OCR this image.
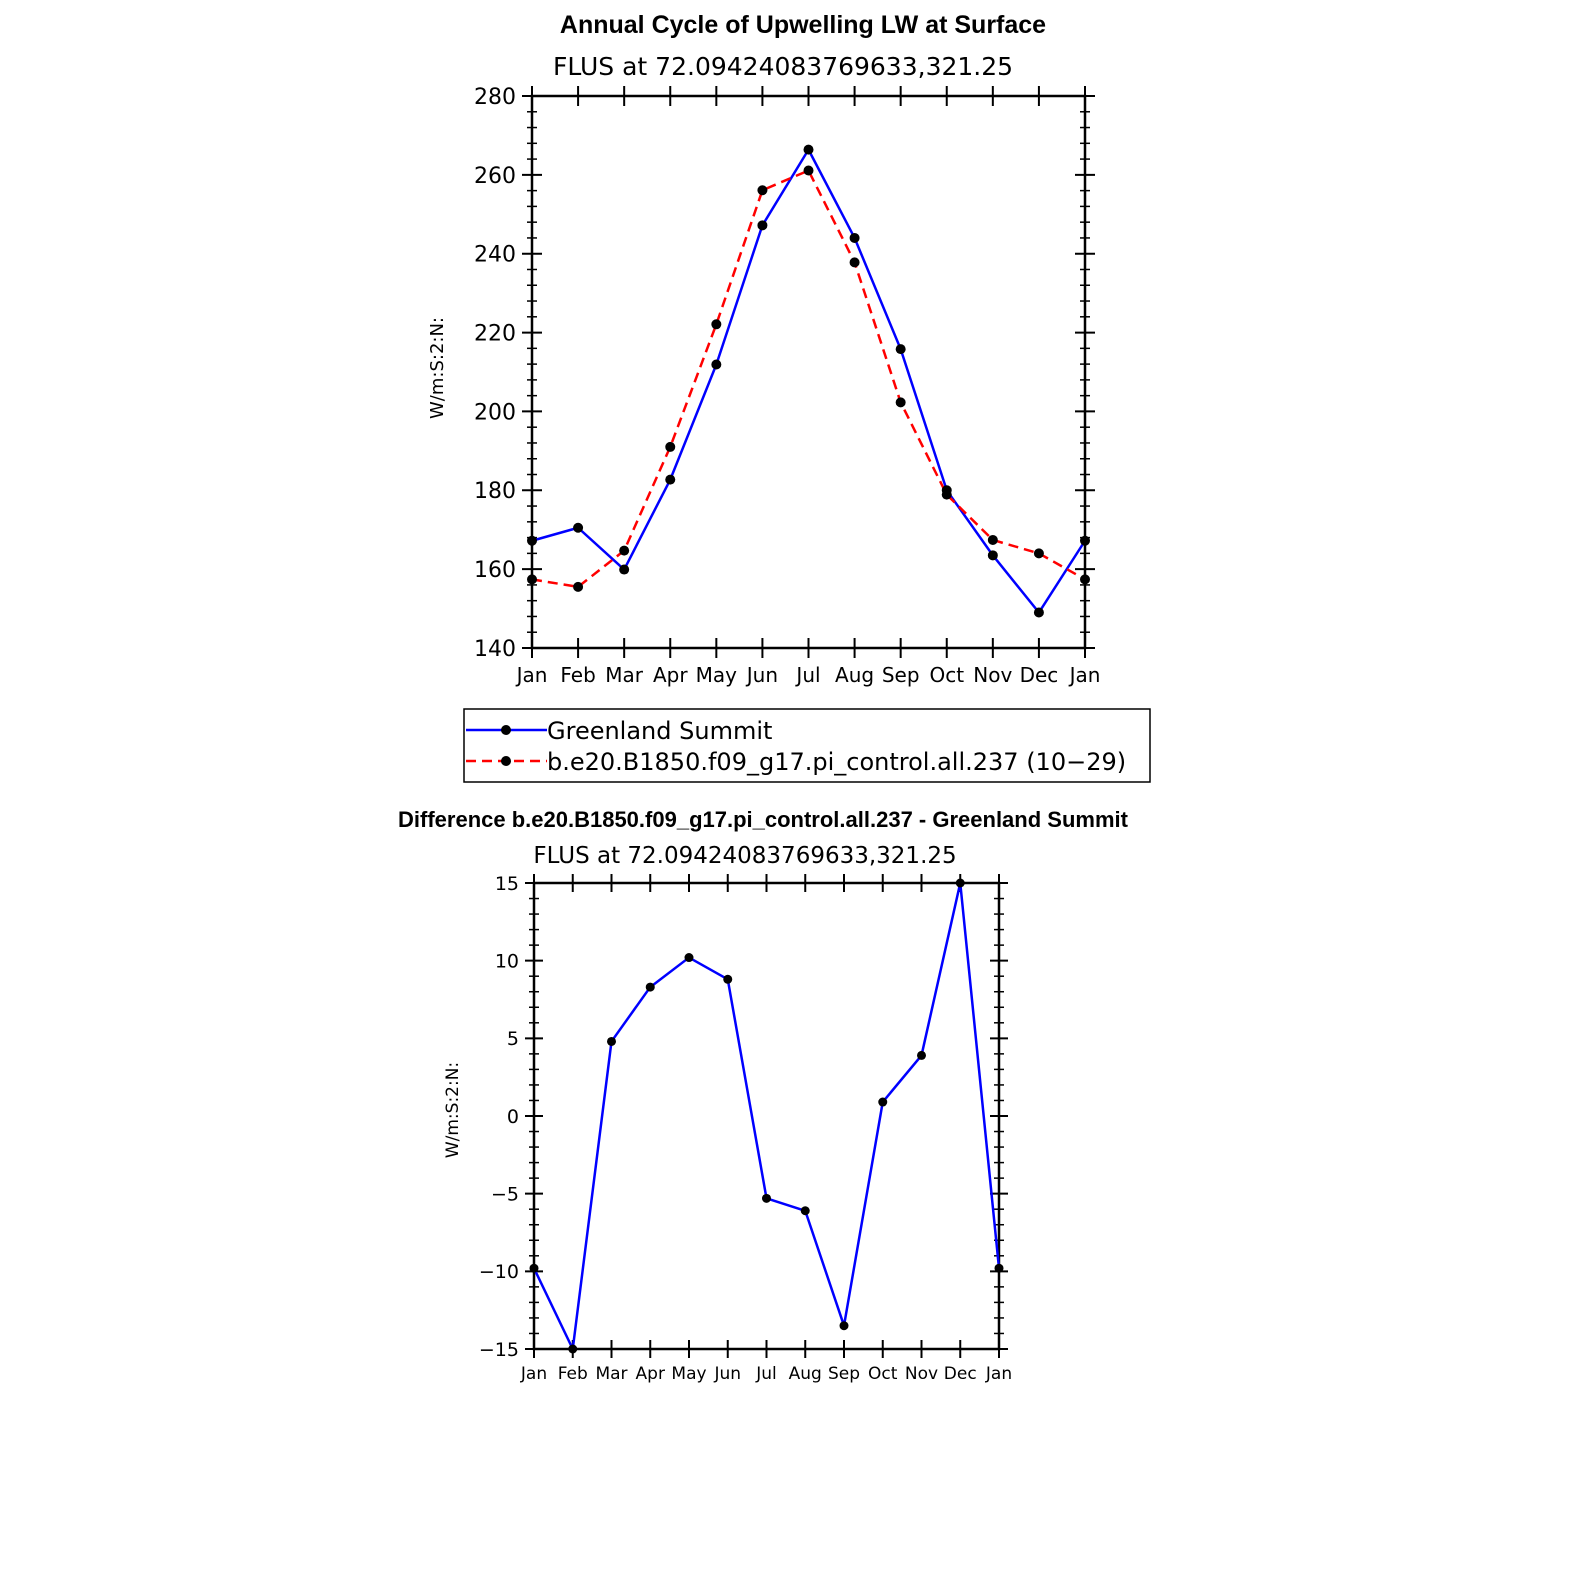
Annual Cycle of Upwelling LW at Surface
FLUS at 72.09424083769633,321.25
W/m:S:2:N:
140
160
180
200
220
240
260
280
Jan Feb Mar Apr May Jun Jul Aug Sep Oct Nov Dec Jan
Greenland Summit
b.e20.B1850.f09_g17.pi_control.all.237 (10−29)
Difference b.e20.B1850.f09_g17.pi_control.all.237 - Greenland Summit
FLUS at 72.09424083769633,321.25
W/m:S:2:N:
−15
−10
−5
0
5
10
15
Jan Feb Mar Apr May Jun Jul Aug Sep Oct Nov Dec Jan
